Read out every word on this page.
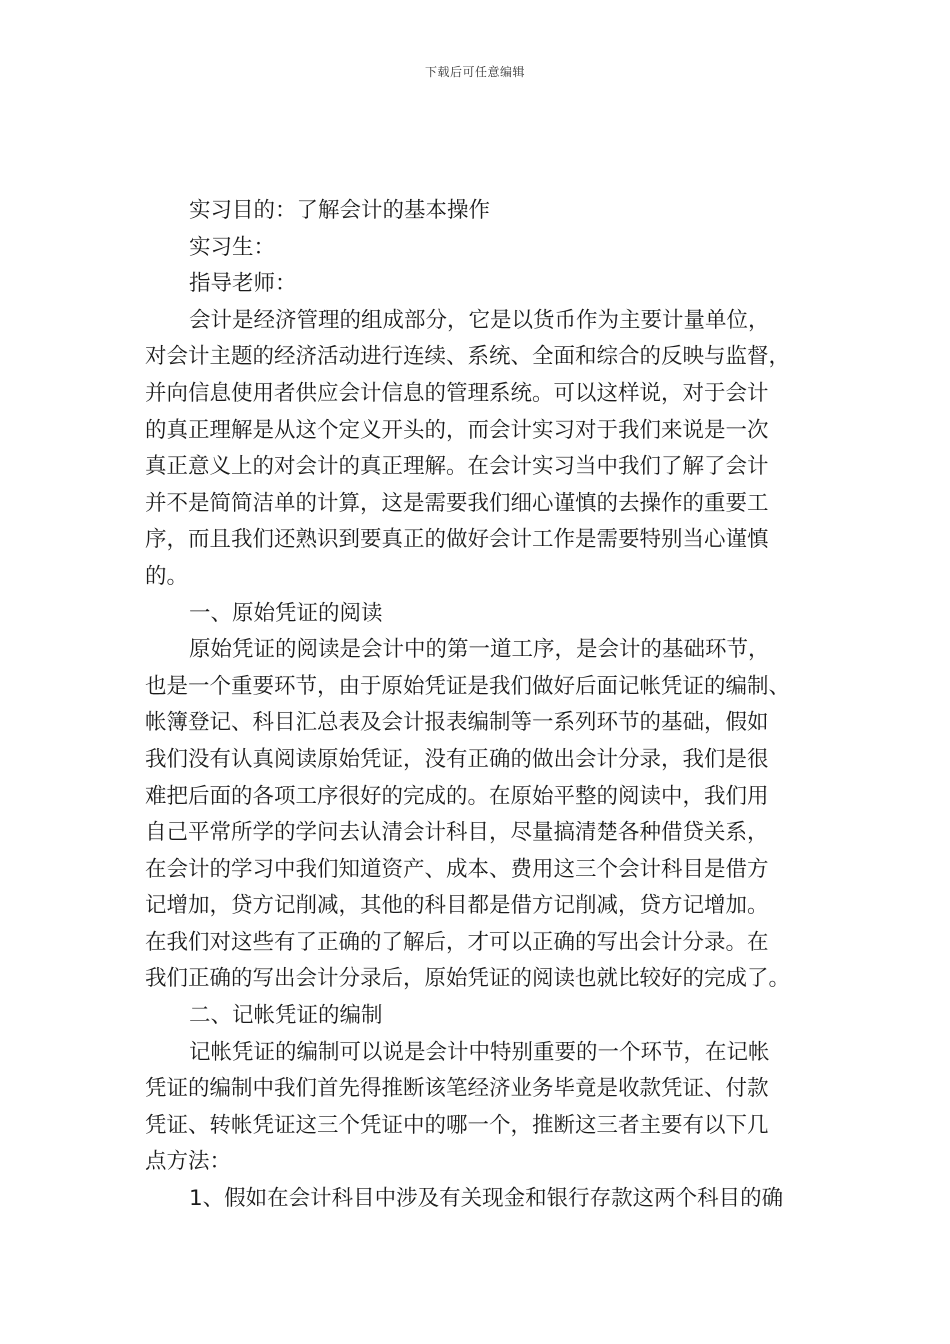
下载后可任意编辑

实习目的：了解会计的基本操作

实习生：

指导老师：

会计是经济管理的组成部分，它是以货币作为主要计量单位，

对会计主题的经济活动进行连续、系统、全面和综合的反映与监督，

并向信息使用者供应会计信息的管理系统。可以这样说，对于会计

的真正理解是从这个定义开头的，而会计实习对于我们来说是一次

真正意义上的对会计的真正理解。在会计实习当中我们了解了会计

并不是简简洁单的计算，这是需要我们细心谨慎的去操作的重要工

序，而且我们还熟识到要真正的做好会计工作是需要特别当心谨慎

的。

一、原始凭证的阅读

原始凭证的阅读是会计中的第一道工序，是会计的基础环节，

也是一个重要环节，由于原始凭证是我们做好后面记帐凭证的编制、

帐簿登记、科目汇总表及会计报表编制等一系列环节的基础，假如

我们没有认真阅读原始凭证，没有正确的做出会计分录，我们是很

难把后面的各项工序很好的完成的。在原始平整的阅读中，我们用

自己平常所学的学问去认清会计科目，尽量搞清楚各种借贷关系，

在会计的学习中我们知道资产、成本、费用这三个会计科目是借方

记增加，贷方记削减，其他的科目都是借方记削减，贷方记增加。

在我们对这些有了正确的了解后，才可以正确的写出会计分录。在

我们正确的写出会计分录后，原始凭证的阅读也就比较好的完成了。

二、记帐凭证的编制

记帐凭证的编制可以说是会计中特别重要的一个环节，在记帐

凭证的编制中我们首先得推断该笔经济业务毕竟是收款凭证、付款

凭证、转帐凭证这三个凭证中的哪一个，推断这三者主要有以下几

点方法：

1、假如在会计科目中涉及有关现金和银行存款这两个科目的确
